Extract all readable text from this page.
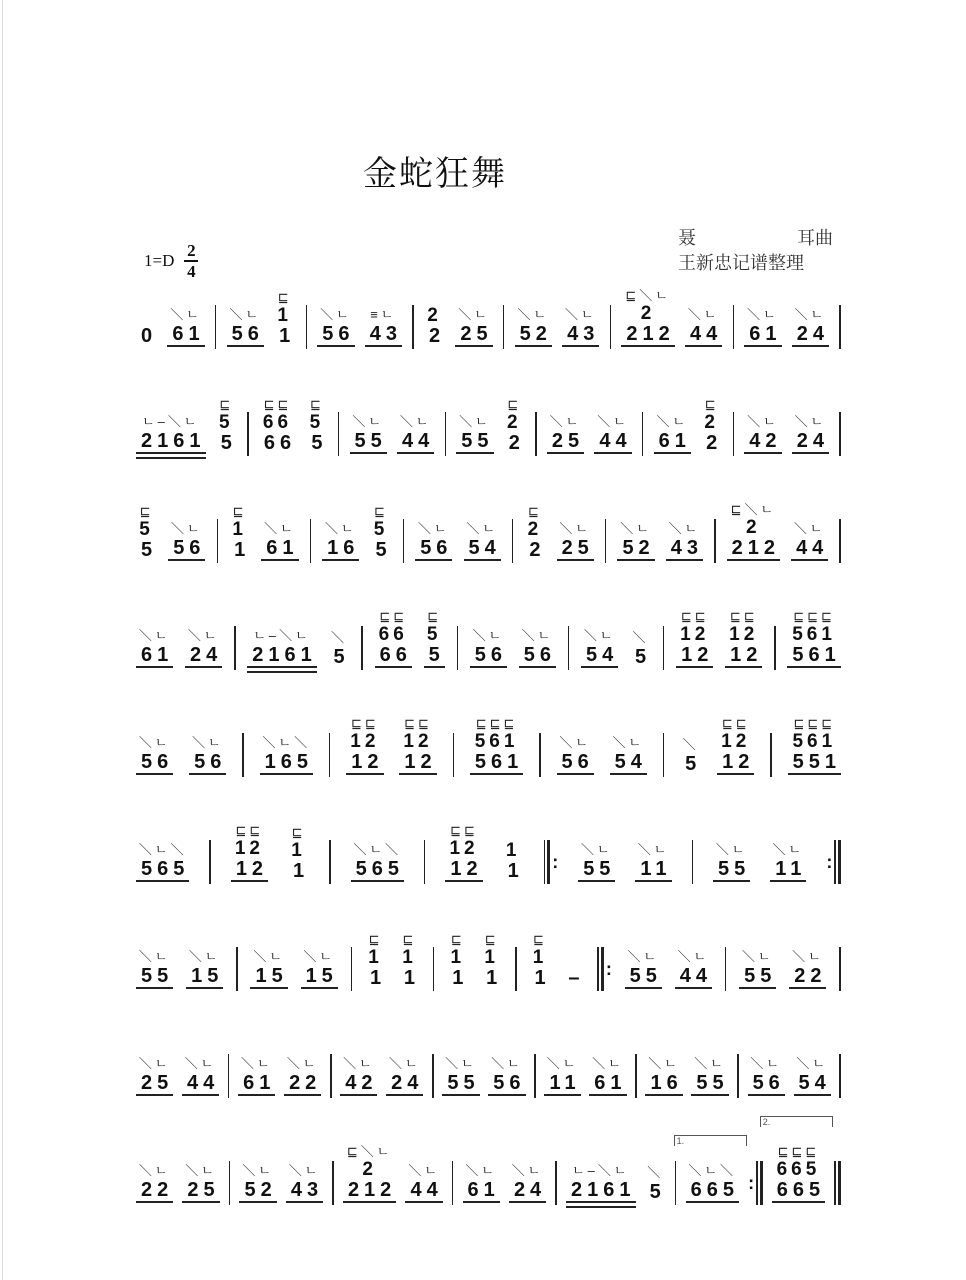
金蛇狂舞
1=D
2
4
聂	耳曲
王新忠记谱整理
0
＼ㄴ
61
＼ㄴ
56
⊑
1
1
＼ㄴ
56
≡ㄴ
43
2
2
＼ㄴ
25
＼ㄴ
52
＼ㄴ
43
⊑＼ㄴ
2
212
＼ㄴ
44
＼ㄴ
61
＼ㄴ
24
ㄴ–＼ㄴ
2161
⊑
5
5
⊑⊑
66
66
⊑
5
5
＼ㄴ
55
＼ㄴ
44
＼ㄴ
55
⊑
2
2
＼ㄴ
25
＼ㄴ
44
＼ㄴ
61
⊑
2
2
＼ㄴ
42
＼ㄴ
24
⊑
5
5
＼ㄴ
56
⊑
1
1
＼ㄴ
61
＼ㄴ
16
⊑
5
5
＼ㄴ
56
＼ㄴ
54
⊑
2
2
＼ㄴ
25
＼ㄴ
52
＼ㄴ
43
⊑＼ㄴ
2
212
＼ㄴ
44
＼ㄴ
61
＼ㄴ
24
ㄴ–＼ㄴ
2161
＼
5
⊑⊑
66
66
⊑
5
5
＼ㄴ
56
＼ㄴ
56
＼ㄴ
54
＼
5
⊑⊑
12
12
⊑⊑
12
12
⊑⊑⊑
561
561
＼ㄴ
56
＼ㄴ
56
＼ㄴ＼
165
⊑⊑
12
12
⊑⊑
12
12
⊑⊑⊑
561
561
＼ㄴ
56
＼ㄴ
54
＼
5
⊑⊑
12
12
⊑⊑⊑
561
551
＼ㄴ＼
565
⊑⊑
12
12
⊑
1
1
＼ㄴ＼
565
⊑⊑
12
12
1
1 :
＼ㄴ
55
＼ㄴ
11
＼ㄴ
55
＼ㄴ
11 :
＼ㄴ
55
＼ㄴ
15
＼ㄴ
15
＼ㄴ
15
⊑
1
1
⊑
1
1
⊑
1
1
⊑
1
1
⊑
1
1 – :
＼ㄴ
55
＼ㄴ
44
＼ㄴ
55
＼ㄴ
22
＼ㄴ
25
＼ㄴ
44
＼ㄴ
61
＼ㄴ
22
＼ㄴ
42
＼ㄴ
24
＼ㄴ
55
＼ㄴ
56
＼ㄴ
11
＼ㄴ
61
＼ㄴ
16
＼ㄴ
55
＼ㄴ
56
＼ㄴ
54
＼ㄴ
22
＼ㄴ
25
＼ㄴ
52
＼ㄴ
43
⊑＼ㄴ
2
212
＼ㄴ
44
＼ㄴ
61
＼ㄴ
24
ㄴ–＼ㄴ
2161
＼
5
1.
＼ㄴ＼
665 :
2.
⊑⊑⊑
665
665
